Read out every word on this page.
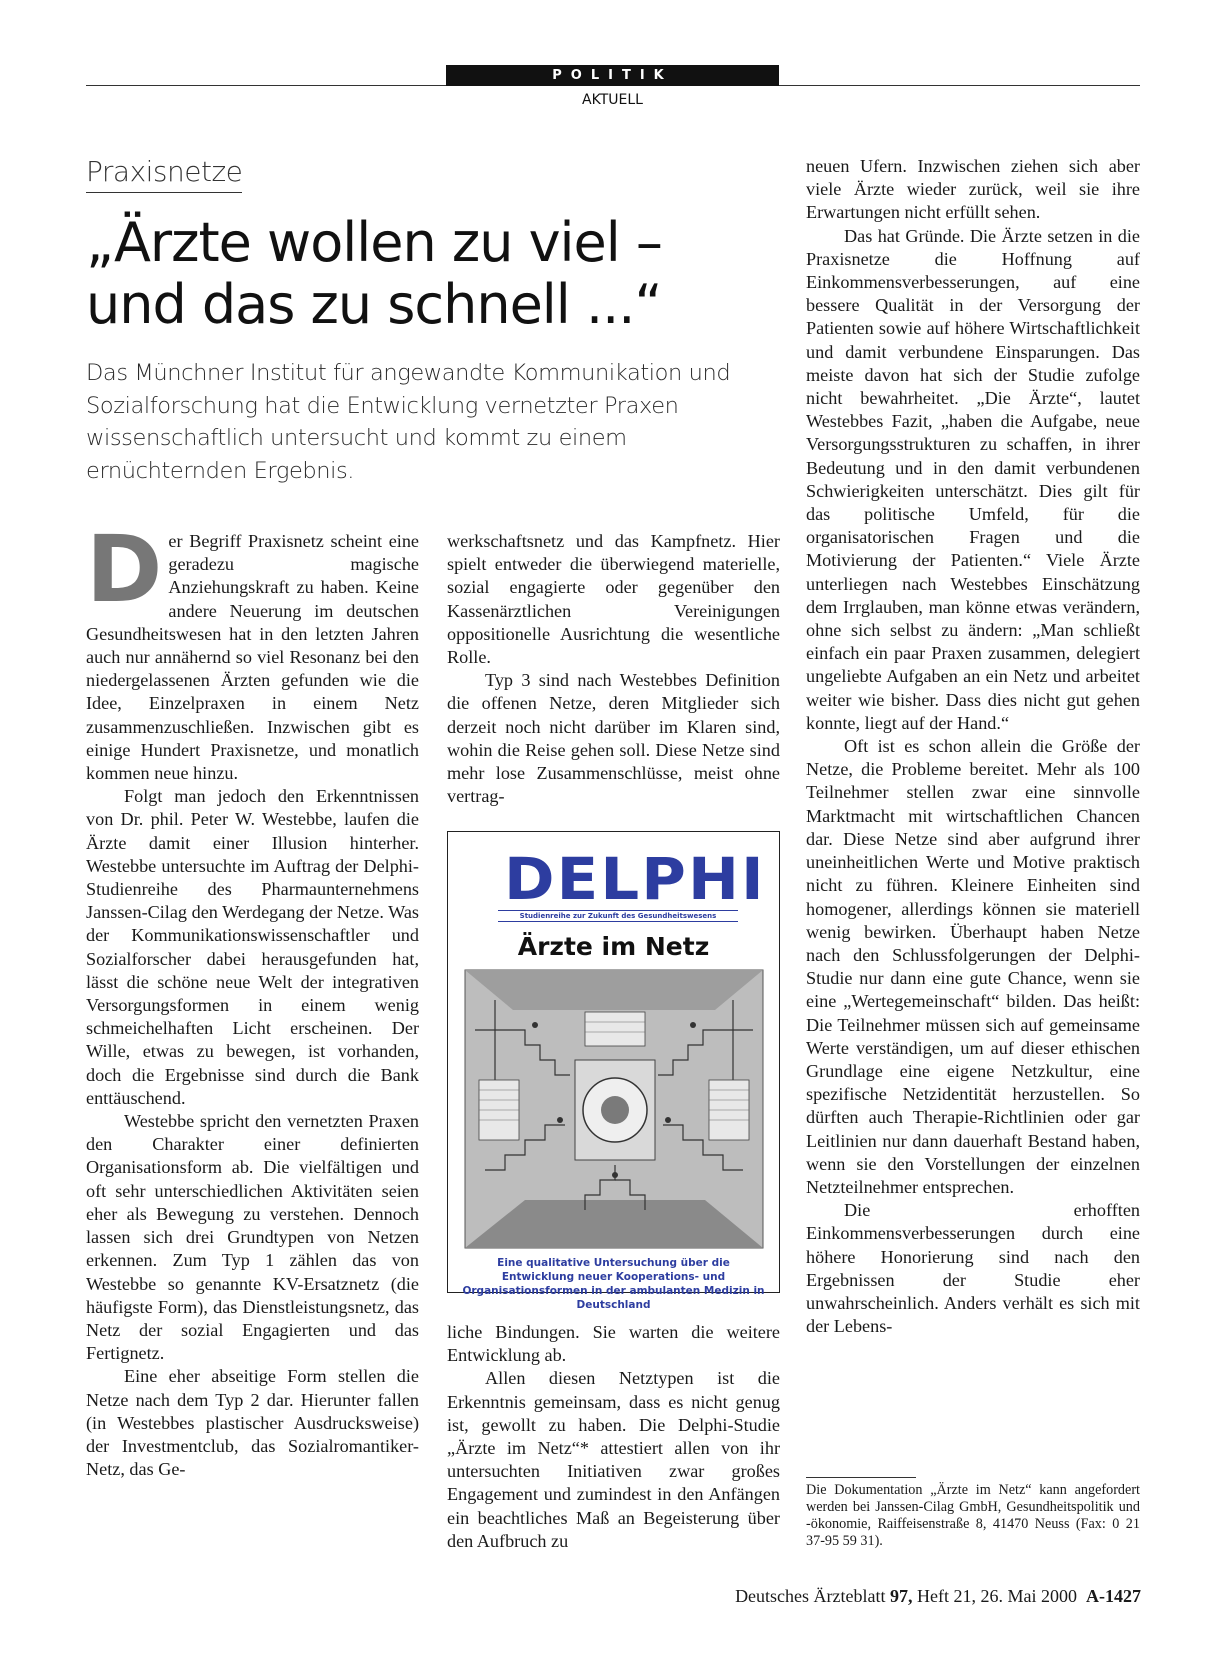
POLITIK
AKTUELL
Praxisnetze
„Ärzte wollen zu viel –
und das zu schnell ...“
Das Münchner Institut für angewandte Kommunikation und Sozialforschung hat die Entwicklung vernetzter Praxen wissenschaftlich untersucht und kommt zu einem ernüchternden Ergebnis.

Der Begriff Praxisnetz scheint eine geradezu magische Anziehungskraft zu haben. Keine andere Neuerung im deutschen Gesundheitswesen hat in den letzten Jahren auch nur annähernd so viel Resonanz bei den niedergelassenen Ärzten gefunden wie die Idee, Einzelpraxen in einem Netz zusammenzuschließen. Inzwischen gibt es einige Hundert Praxisnetze, und monatlich kommen neue hinzu.

Folgt man jedoch den Erkenntnissen von Dr. phil. Peter W. Westebbe, laufen die Ärzte damit einer Illusion hinterher. Westebbe untersuchte im Auftrag der Delphi-Studienreihe des Pharmaunternehmens Janssen-Cilag den Werdegang der Netze. Was der Kommunikationswissenschaftler und Sozialforscher dabei herausgefunden hat, lässt die schöne neue Welt der integrativen Versorgungsformen in einem wenig schmeichelhaften Licht erscheinen. Der Wille, etwas zu bewegen, ist vorhanden, doch die Ergebnisse sind durch die Bank enttäuschend.

Westebbe spricht den vernetzten Praxen den Charakter einer definierten Organisationsform ab. Die vielfältigen und oft sehr unterschiedlichen Aktivitäten seien eher als Bewegung zu verstehen. Dennoch lassen sich drei Grundtypen von Netzen erkennen. Zum Typ 1 zählen das von Westebbe so genannte KV-Ersatznetz (die häufigste Form), das Dienstleistungsnetz, das Netz der sozial Engagierten und das Fertignetz.

Eine eher abseitige Form stellen die Netze nach dem Typ 2 dar. Hierunter fallen (in Westebbes plastischer Ausdrucksweise) der Investmentclub, das Sozialromantiker-Netz, das Ge-

werkschaftsnetz und das Kampfnetz. Hier spielt entweder die überwiegend materielle, sozial engagierte oder gegenüber den Kassenärztlichen Vereinigungen oppositionelle Ausrichtung die wesentliche Rolle.

Typ 3 sind nach Westebbes Definition die offenen Netze, deren Mitglieder sich derzeit noch nicht darüber im Klaren sind, wohin die Reise gehen soll. Diese Netze sind mehr lose Zusammenschlüsse, meist ohne vertrag-

DELPHI
Studienreihe zur Zukunft des Gesundheitswesens
Ärzte im Netz
Eine qualitative Untersuchung über die Entwicklung neuer Kooperations- und Organisationsformen in der ambulanten Medizin in Deutschland

liche Bindungen. Sie warten die weitere Entwicklung ab.

Allen diesen Netztypen ist die Erkenntnis gemeinsam, dass es nicht genug ist, gewollt zu haben. Die Delphi-Studie „Ärzte im Netz“* attestiert allen von ihr untersuchten Initiativen zwar großes Engagement und zumindest in den Anfängen ein beachtliches Maß an Begeisterung über den Aufbruch zu

neuen Ufern. Inzwischen ziehen sich aber viele Ärzte wieder zurück, weil sie ihre Erwartungen nicht erfüllt sehen.

Das hat Gründe. Die Ärzte setzen in die Praxisnetze die Hoffnung auf Einkommensverbesserungen, auf eine bessere Qualität in der Versorgung der Patienten sowie auf höhere Wirtschaftlichkeit und damit verbundene Einsparungen. Das meiste davon hat sich der Studie zufolge nicht bewahrheitet. „Die Ärzte“, lautet Westebbes Fazit, „haben die Aufgabe, neue Versorgungsstrukturen zu schaffen, in ihrer Bedeutung und in den damit verbundenen Schwierigkeiten unterschätzt. Dies gilt für das politische Umfeld, für die organisatorischen Fragen und die Motivierung der Patienten.“ Viele Ärzte unterliegen nach Westebbes Einschätzung dem Irrglauben, man könne etwas verändern, ohne sich selbst zu ändern: „Man schließt einfach ein paar Praxen zusammen, delegiert ungeliebte Aufgaben an ein Netz und arbeitet weiter wie bisher. Dass dies nicht gut gehen konnte, liegt auf der Hand.“

Oft ist es schon allein die Größe der Netze, die Probleme bereitet. Mehr als 100 Teilnehmer stellen zwar eine sinnvolle Marktmacht mit wirtschaftlichen Chancen dar. Diese Netze sind aber aufgrund ihrer uneinheitlichen Werte und Motive praktisch nicht zu führen. Kleinere Einheiten sind homogener, allerdings können sie materiell wenig bewirken. Überhaupt haben Netze nach den Schlussfolgerungen der Delphi-Studie nur dann eine gute Chance, wenn sie eine „Wertegemeinschaft“ bilden. Das heißt: Die Teilnehmer müssen sich auf gemeinsame Werte verständigen, um auf dieser ethischen Grundlage eine eigene Netzkultur, eine spezifische Netzidentität herzustellen. So dürften auch Therapie-Richtlinien oder gar Leitlinien nur dann dauerhaft Bestand haben, wenn sie den Vorstellungen der einzelnen Netzteilnehmer entsprechen.

Die erhofften Einkommensverbesserungen durch eine höhere Honorierung sind nach den Ergebnissen der Studie eher unwahrscheinlich. Anders verhält es sich mit der Lebens-

Die Dokumentation „Ärzte im Netz“ kann angefordert werden bei Janssen-Cilag GmbH, Gesundheitspolitik und -ökonomie, Raiffeisenstraße 8, 41470 Neuss (Fax: 0 21 37-95 59 31).
Deutsches Ärzteblatt 97, Heft 21, 26. Mai 2000 A-1427
